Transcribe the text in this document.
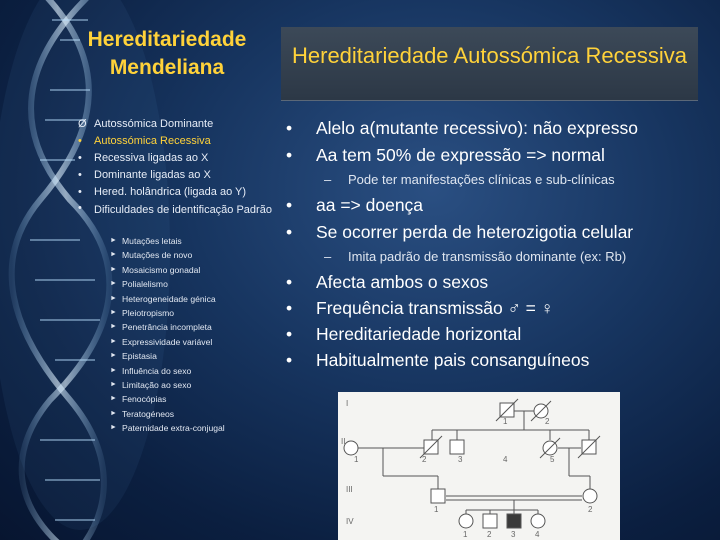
Hereditariedade
Mendeliana
Ø Autossómica Dominante
• Autossómica Recessiva
• Recessiva ligadas ao X
• Dominante ligadas ao X
• Hered. holândrica (ligada ao Y)
• Dificuldades de identificação Padrão
► Mutações letais
► Mutações de novo
► Mosaicismo gonadal
► Polialelismo
► Heterogeneidade génica
► Pleiotropismo
► Penetrância incompleta
► Expressividade variável
► Epistasia
► Influência do sexo
► Limitação ao sexo
► Fenocópias
► Teratogéneos
► Paternidade extra-conjugal
Hereditariedade Autossómica Recessiva
• Alelo a(mutante recessivo): não expresso
• Aa tem 50% de expressão => normal
– Pode ter manifestações clínicas e sub-clínicas
• aa => doença
• Se ocorrer perda de heterozigotia celular
– Imita padrão de transmissão dominante (ex: Rb)
• Afecta ambos o sexos
• Frequência transmissão ♂ = ♀
• Hereditariedade horizontal
• Habitualmente pais consanguíneos
I
II
III
IV
1	2
1	2	3	4	5
1	2
1 2 3 4
